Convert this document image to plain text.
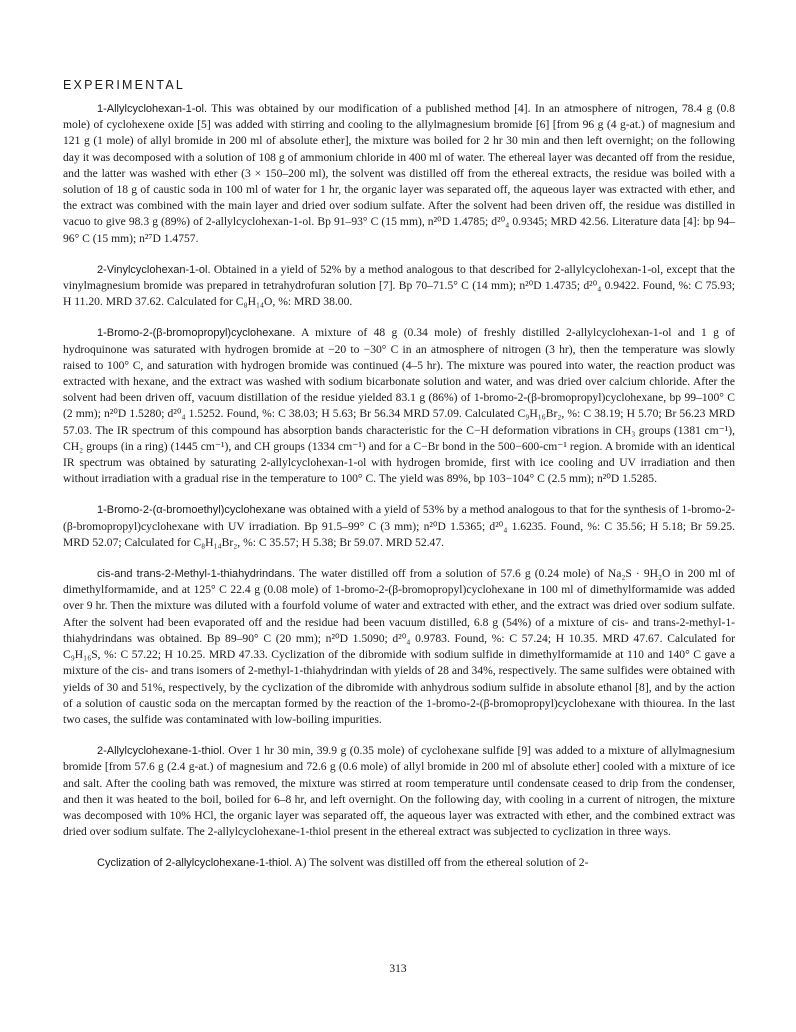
EXPERIMENTAL

1-Allylcyclohexan-1-ol. This was obtained by our modification of a published method [4]. In an atmosphere of nitrogen, 78.4 g (0.8 mole) of cyclohexene oxide [5] was added with stirring and cooling to the allylmagnesium bromide [6] [from 96 g (4 g-at.) of magnesium and 121 g (1 mole) of allyl bromide in 200 ml of absolute ether], the mixture was boiled for 2 hr 30 min and then left overnight; on the following day it was decomposed with a solution of 108 g of ammonium chloride in 400 ml of water. The ethereal layer was decanted off from the residue, and the latter was washed with ether (3 × 150–200 ml), the solvent was distilled off from the ethereal extracts, the residue was boiled with a solution of 18 g of caustic soda in 100 ml of water for 1 hr, the organic layer was separated off, the aqueous layer was extracted with ether, and the extract was combined with the main layer and dried over sodium sulfate. After the solvent had been driven off, the residue was distilled in vacuo to give 98.3 g (89%) of 2-allylcyclohexan-1-ol. Bp 91–93° C (15 mm), n²⁰D 1.4785; d²⁰₄ 0.9345; MRD 42.56. Literature data [4]: bp 94–96° C (15 mm); n²⁷D 1.4757.

2-Vinylcyclohexan-1-ol. Obtained in a yield of 52% by a method analogous to that described for 2-allylcyclohexan-1-ol, except that the vinylmagnesium bromide was prepared in tetrahydrofuran solution [7]. Bp 70–71.5° C (14 mm); n²⁰D 1.4735; d²⁰₄ 0.9422. Found, %: C 75.93; H 11.20. MRD 37.62. Calculated for C₈H₁₄O, %: MRD 38.00.

1-Bromo-2-(β-bromopropyl)cyclohexane. A mixture of 48 g (0.34 mole) of freshly distilled 2-allylcyclohexan-1-ol and 1 g of hydroquinone was saturated with hydrogen bromide at −20 to −30° C in an atmosphere of nitrogen (3 hr), then the temperature was slowly raised to 100° C, and saturation with hydrogen bromide was continued (4–5 hr). The mixture was poured into water, the reaction product was extracted with hexane, and the extract was washed with sodium bicarbonate solution and water, and was dried over calcium chloride. After the solvent had been driven off, vacuum distillation of the residue yielded 83.1 g (86%) of 1-bromo-2-(β-bromopropyl)cyclohexane, bp 99–100° C (2 mm); n²⁰D 1.5280; d²⁰₄ 1.5252. Found, %: C 38.03; H 5.63; Br 56.34 MRD 57.09. Calculated C₉H₁₆Br₂, %: C 38.19; H 5.70; Br 56.23 MRD 57.03. The IR spectrum of this compound has absorption bands characteristic for the C−H deformation vibrations in CH₃ groups (1381 cm⁻¹), CH₂ groups (in a ring) (1445 cm⁻¹), and CH groups (1334 cm⁻¹) and for a C−Br bond in the 500−600-cm⁻¹ region. A bromide with an identical IR spectrum was obtained by saturating 2-allylcyclohexan-1-ol with hydrogen bromide, first with ice cooling and UV irradiation and then without irradiation with a gradual rise in the temperature to 100° C. The yield was 89%, bp 103−104° C (2.5 mm); n²⁰D 1.5285.

1-Bromo-2-(α-bromoethyl)cyclohexane was obtained with a yield of 53% by a method analogous to that for the synthesis of 1-bromo-2-(β-bromopropyl)cyclohexane with UV irradiation. Bp 91.5–99° C (3 mm); n²⁰D 1.5365; d²⁰₄ 1.6235. Found, %: C 35.56; H 5.18; Br 59.25. MRD 52.07; Calculated for C₈H₁₄Br₂, %: C 35.57; H 5.38; Br 59.07. MRD 52.47.

cis-and trans-2-Methyl-1-thiahydrindans. The water distilled off from a solution of 57.6 g (0.24 mole) of Na₂S · 9H₂O in 200 ml of dimethylformamide, and at 125° C 22.4 g (0.08 mole) of 1-bromo-2-(β-bromopropyl)cyclohexane in 100 ml of dimethylformamide was added over 9 hr. Then the mixture was diluted with a fourfold volume of water and extracted with ether, and the extract was dried over sodium sulfate. After the solvent had been evaporated off and the residue had been vacuum distilled, 6.8 g (54%) of a mixture of cis- and trans-2-methyl-1-thiahydrindans was obtained. Bp 89–90° C (20 mm); n²⁰D 1.5090; d²⁰₄ 0.9783. Found, %: C 57.24; H 10.35. MRD 47.67. Calculated for C₉H₁₆S, %: C 57.22; H 10.25. MRD 47.33. Cyclization of the dibromide with sodium sulfide in dimethylformamide at 110 and 140° C gave a mixture of the cis- and trans isomers of 2-methyl-1-thiahydrindan with yields of 28 and 34%, respectively. The same sulfides were obtained with yields of 30 and 51%, respectively, by the cyclization of the dibromide with anhydrous sodium sulfide in absolute ethanol [8], and by the action of a solution of caustic soda on the mercaptan formed by the reaction of the 1-bromo-2-(β-bromopropyl)cyclohexane with thiourea. In the last two cases, the sulfide was contaminated with low-boiling impurities.

2-Allylcyclohexane-1-thiol. Over 1 hr 30 min, 39.9 g (0.35 mole) of cyclohexane sulfide [9] was added to a mixture of allylmagnesium bromide [from 57.6 g (2.4 g-at.) of magnesium and 72.6 g (0.6 mole) of allyl bromide in 200 ml of absolute ether] cooled with a mixture of ice and salt. After the cooling bath was removed, the mixture was stirred at room temperature until condensate ceased to drip from the condenser, and then it was heated to the boil, boiled for 6–8 hr, and left overnight. On the following day, with cooling in a current of nitrogen, the mixture was decomposed with 10% HCl, the organic layer was separated off, the aqueous layer was extracted with ether, and the combined extract was dried over sodium sulfate. The 2-allylcyclohexane-1-thiol present in the ethereal extract was subjected to cyclization in three ways.

Cyclization of 2-allylcyclohexane-1-thiol. A) The solvent was distilled off from the ethereal solution of 2-

313
